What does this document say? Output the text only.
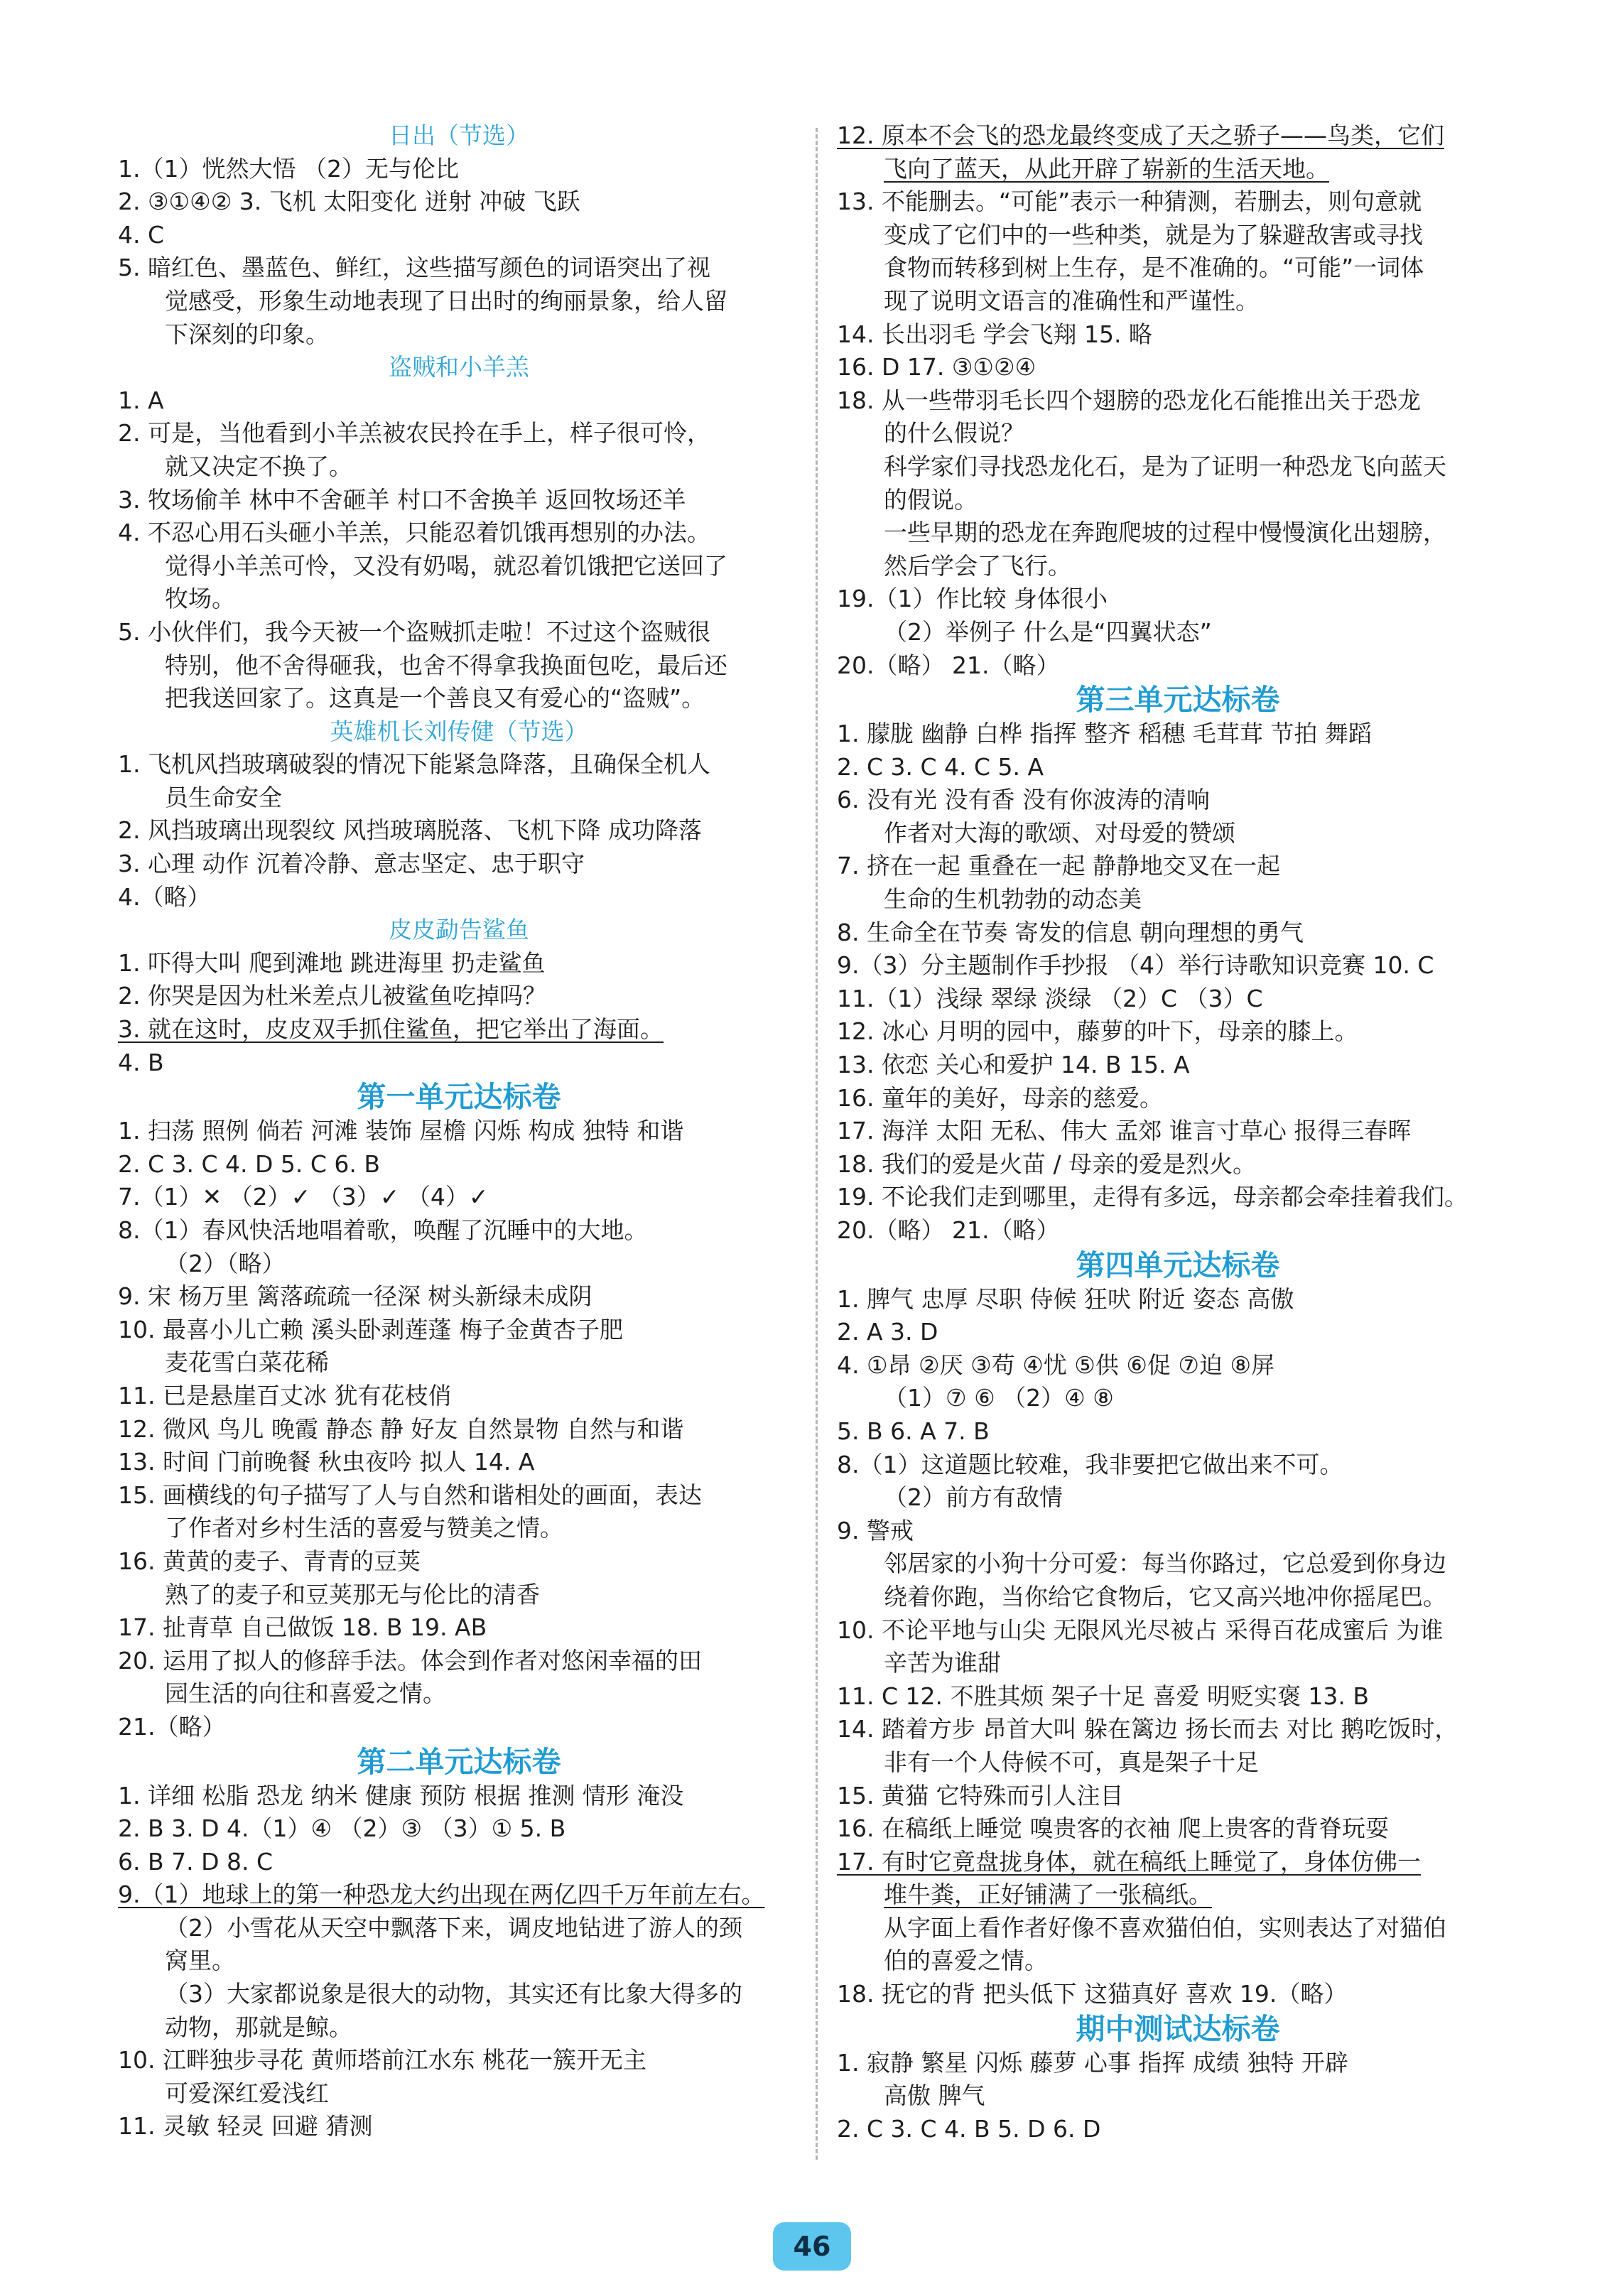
日出（节选）
1.（1）恍然大悟 （2）无与伦比
2. ③①④② 3. 飞机 太阳变化 迸射 冲破 飞跃
4. C
5. 暗红色、墨蓝色、鲜红，这些描写颜色的词语突出了视
觉感受，形象生动地表现了日出时的绚丽景象，给人留
下深刻的印象。
盗贼和小羊羔
1. A
2. 可是，当他看到小羊羔被农民拎在手上，样子很可怜，
就又决定不换了。
3. 牧场偷羊 林中不舍砸羊 村口不舍换羊 返回牧场还羊
4. 不忍心用石头砸小羊羔，只能忍着饥饿再想别的办法。
觉得小羊羔可怜，又没有奶喝，就忍着饥饿把它送回了
牧场。
5. 小伙伴们，我今天被一个盗贼抓走啦！不过这个盗贼很
特别，他不舍得砸我，也舍不得拿我换面包吃，最后还
把我送回家了。这真是一个善良又有爱心的“盗贼”。
英雄机长刘传健（节选）
1. 飞机风挡玻璃破裂的情况下能紧急降落，且确保全机人
员生命安全
2. 风挡玻璃出现裂纹 风挡玻璃脱落、飞机下降 成功降落
3. 心理 动作 沉着冷静、意志坚定、忠于职守
4.（略）
皮皮勐告鲨鱼
1. 吓得大叫 爬到滩地 跳进海里 扔走鲨鱼
2. 你哭是因为杜米差点儿被鲨鱼吃掉吗？
3. 就在这时，皮皮双手抓住鲨鱼，把它举出了海面。
4. B
第一单元达标卷
1. 扫荡 照例 倘若 河滩 装饰 屋檐 闪烁 构成 独特 和谐
2. C 3. C 4. D 5. C 6. B
7.（1）✕ （2）✓ （3）✓ （4）✓
8.（1）春风快活地唱着歌，唤醒了沉睡中的大地。
（2）（略）
9. 宋 杨万里 篱落疏疏一径深 树头新绿未成阴
10. 最喜小儿亡赖 溪头卧剥莲蓬 梅子金黄杏子肥
麦花雪白菜花稀
11. 已是悬崖百丈冰 犹有花枝俏
12. 微风 鸟儿 晚霞 静态 静 好友 自然景物 自然与和谐
13. 时间 门前晚餐 秋虫夜吟 拟人 14. A
15. 画横线的句子描写了人与自然和谐相处的画面，表达
了作者对乡村生活的喜爱与赞美之情。
16. 黄黄的麦子、青青的豆荚
熟了的麦子和豆荚那无与伦比的清香
17. 扯青草 自己做饭 18. B 19. AB
20. 运用了拟人的修辞手法。体会到作者对悠闲幸福的田
园生活的向往和喜爱之情。
21.（略）
第二单元达标卷
1. 详细 松脂 恐龙 纳米 健康 预防 根据 推测 情形 淹没
2. B 3. D 4.（1）④ （2）③ （3）① 5. B
6. B 7. D 8. C
9.（1）地球上的第一种恐龙大约出现在两亿四千万年前左右。
（2）小雪花从天空中飘落下来，调皮地钻进了游人的颈
窝里。
（3）大家都说象是很大的动物，其实还有比象大得多的
动物，那就是鲸。
10. 江畔独步寻花 黄师塔前江水东 桃花一簇开无主
可爱深红爱浅红
11. 灵敏 轻灵 回避 猜测
12. 原本不会飞的恐龙最终变成了天之骄子——鸟类，它们
飞向了蓝天，从此开辟了崭新的生活天地。
13. 不能删去。“可能”表示一种猜测，若删去，则句意就
变成了它们中的一些种类，就是为了躲避敌害或寻找
食物而转移到树上生存，是不准确的。“可能”一词体
现了说明文语言的准确性和严谨性。
14. 长出羽毛 学会飞翔 15. 略
16. D 17. ③①②④
18. 从一些带羽毛长四个翅膀的恐龙化石能推出关于恐龙
的什么假说？
科学家们寻找恐龙化石，是为了证明一种恐龙飞向蓝天
的假说。
一些早期的恐龙在奔跑爬坡的过程中慢慢演化出翅膀，
然后学会了飞行。
19.（1）作比较 身体很小
（2）举例子 什么是“四翼状态”
20.（略） 21.（略）
第三单元达标卷
1. 朦胧 幽静 白桦 指挥 整齐 稻穗 毛茸茸 节拍 舞蹈
2. C 3. C 4. C 5. A
6. 没有光 没有香 没有你波涛的清响
作者对大海的歌颂、对母爱的赞颂
7. 挤在一起 重叠在一起 静静地交叉在一起
生命的生机勃勃的动态美
8. 生命全在节奏 寄发的信息 朝向理想的勇气
9.（3）分主题制作手抄报 （4）举行诗歌知识竞赛 10. C
11.（1）浅绿 翠绿 淡绿 （2）C （3）C
12. 冰心 月明的园中，藤萝的叶下，母亲的膝上。
13. 依恋 关心和爱护 14. B 15. A
16. 童年的美好，母亲的慈爱。
17. 海洋 太阳 无私、伟大 孟郊 谁言寸草心 报得三春晖
18. 我们的爱是火苗 / 母亲的爱是烈火。
19. 不论我们走到哪里，走得有多远，母亲都会牵挂着我们。
20.（略） 21.（略）
第四单元达标卷
1. 脾气 忠厚 尽职 侍候 狂吠 附近 姿态 高傲
2. A 3. D
4. ①昂 ②厌 ③苟 ④忧 ⑤供 ⑥促 ⑦迫 ⑧屏
（1）⑦ ⑥ （2）④ ⑧
5. B 6. A 7. B
8.（1）这道题比较难，我非要把它做出来不可。
（2）前方有敌情
9. 警戒
邻居家的小狗十分可爱：每当你路过，它总爱到你身边
绕着你跑，当你给它食物后，它又高兴地冲你摇尾巴。
10. 不论平地与山尖 无限风光尽被占 采得百花成蜜后 为谁
辛苦为谁甜
11. C 12. 不胜其烦 架子十足 喜爱 明贬实褒 13. B
14. 踏着方步 昂首大叫 躲在篱边 扬长而去 对比 鹅吃饭时，
非有一个人侍候不可，真是架子十足
15. 黄猫 它特殊而引人注目
16. 在稿纸上睡觉 嗅贵客的衣袖 爬上贵客的背脊玩耍
17. 有时它竟盘拢身体，就在稿纸上睡觉了，身体仿佛一
堆牛粪，正好铺满了一张稿纸。
从字面上看作者好像不喜欢猫伯伯，实则表达了对猫伯
伯的喜爱之情。
18. 抚它的背 把头低下 这猫真好 喜欢 19.（略）
期中测试达标卷
1. 寂静 繁星 闪烁 藤萝 心事 指挥 成绩 独特 开辟
高傲 脾气
2. C 3. C 4. B 5. D 6. D
46
